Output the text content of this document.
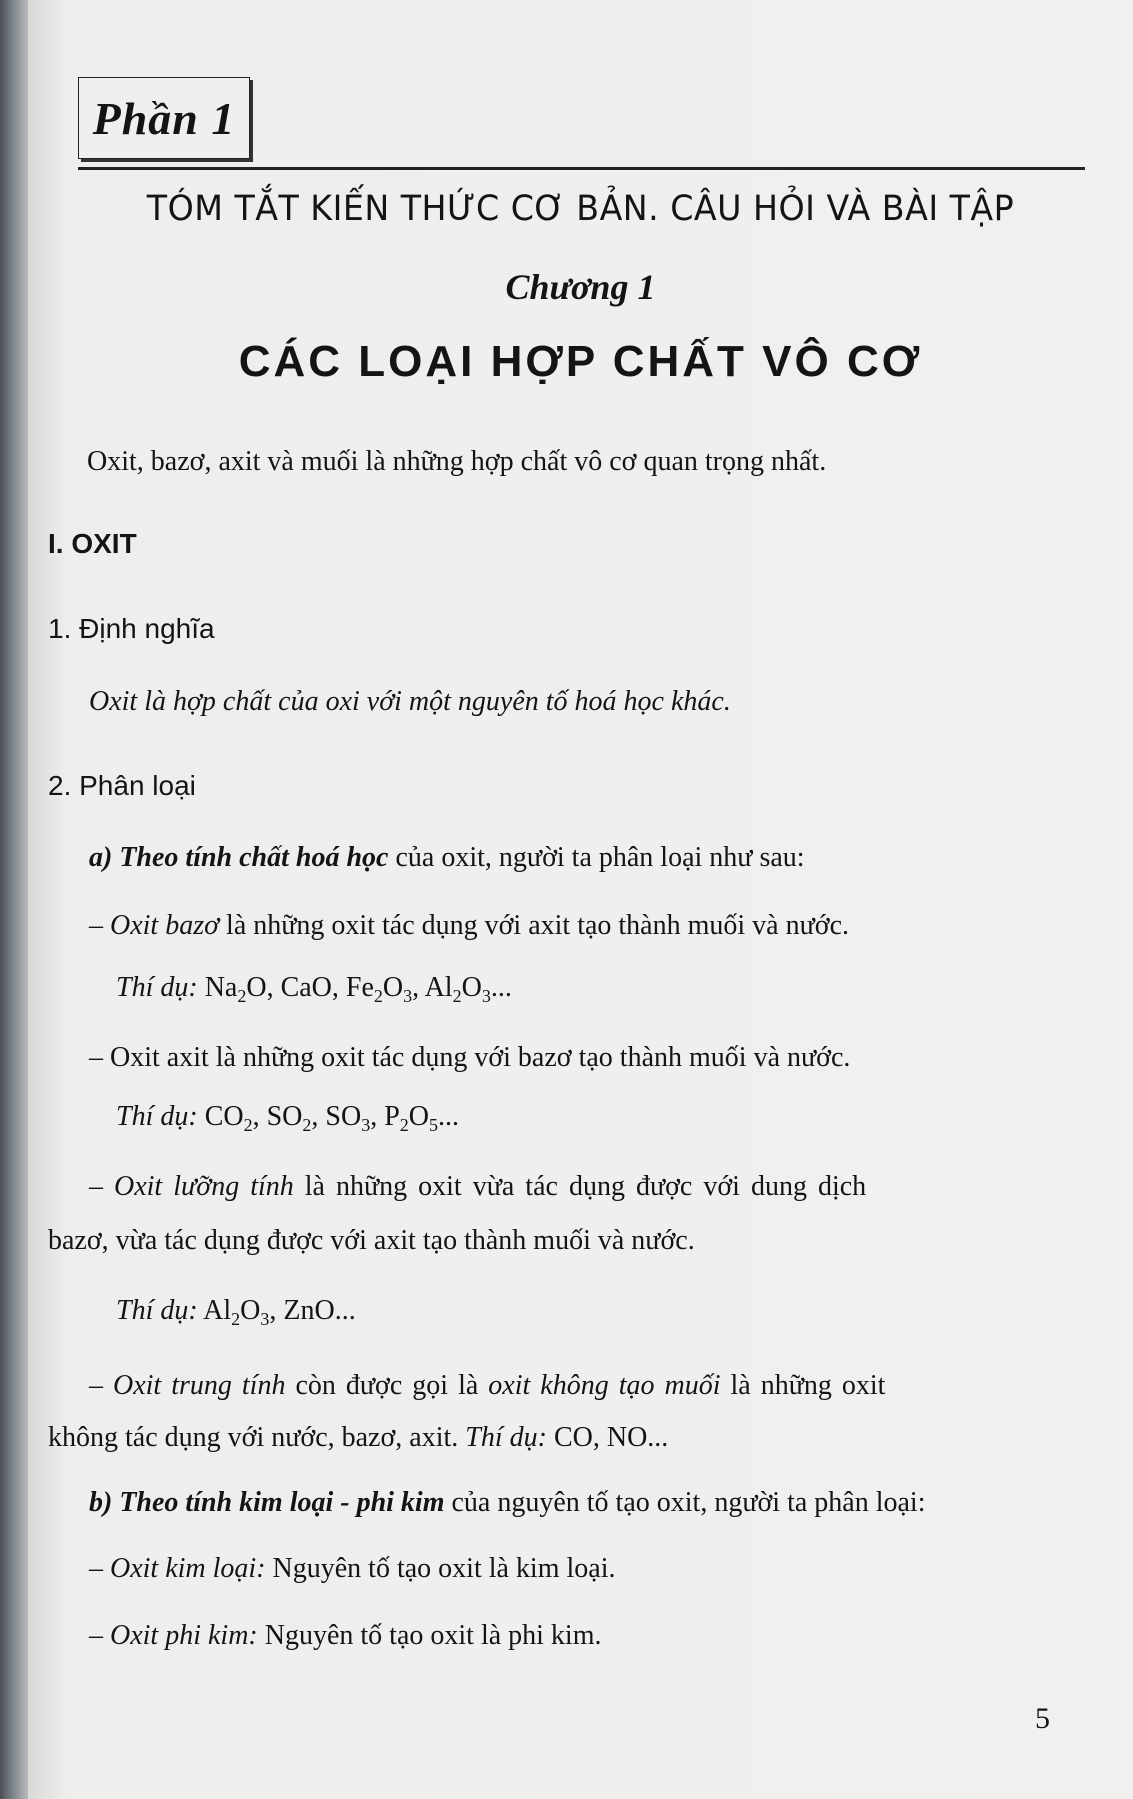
Phần 1
TÓM TẮT KIẾN THỨC CƠ BẢN. CÂU HỎI VÀ BÀI TẬP
Chương 1
CÁC LOẠI HỢP CHẤT VÔ CƠ
Oxit, bazơ, axit và muối là những hợp chất vô cơ quan trọng nhất.
I. OXIT
1. Định nghĩa
Oxit là hợp chất của oxi với một nguyên tố hoá học khác.
2. Phân loại
a) Theo tính chất hoá học của oxit, người ta phân loại như sau:
– Oxit bazơ là những oxit tác dụng với axit tạo thành muối và nước.
Thí dụ: $Na_2O$, CaO, $Fe_2O_3$, $Al_2O_3$...
– Oxit axit là những oxit tác dụng với bazơ tạo thành muối và nước.
Thí dụ: $CO_2$, $SO_2$, $SO_3$, $P_2O_5$...
– Oxit lưỡng tính là những oxit vừa tác dụng được với dung dịch
bazơ, vừa tác dụng được với axit tạo thành muối và nước.
Thí dụ: $Al_2O_3$, ZnO...
– Oxit trung tính còn được gọi là oxit không tạo muối là những oxit
không tác dụng với nước, bazơ, axit. Thí dụ: CO, NO...
b) Theo tính kim loại - phi kim của nguyên tố tạo oxit, người ta phân loại:
– Oxit kim loại: Nguyên tố tạo oxit là kim loại.
– Oxit phi kim: Nguyên tố tạo oxit là phi kim.
5
